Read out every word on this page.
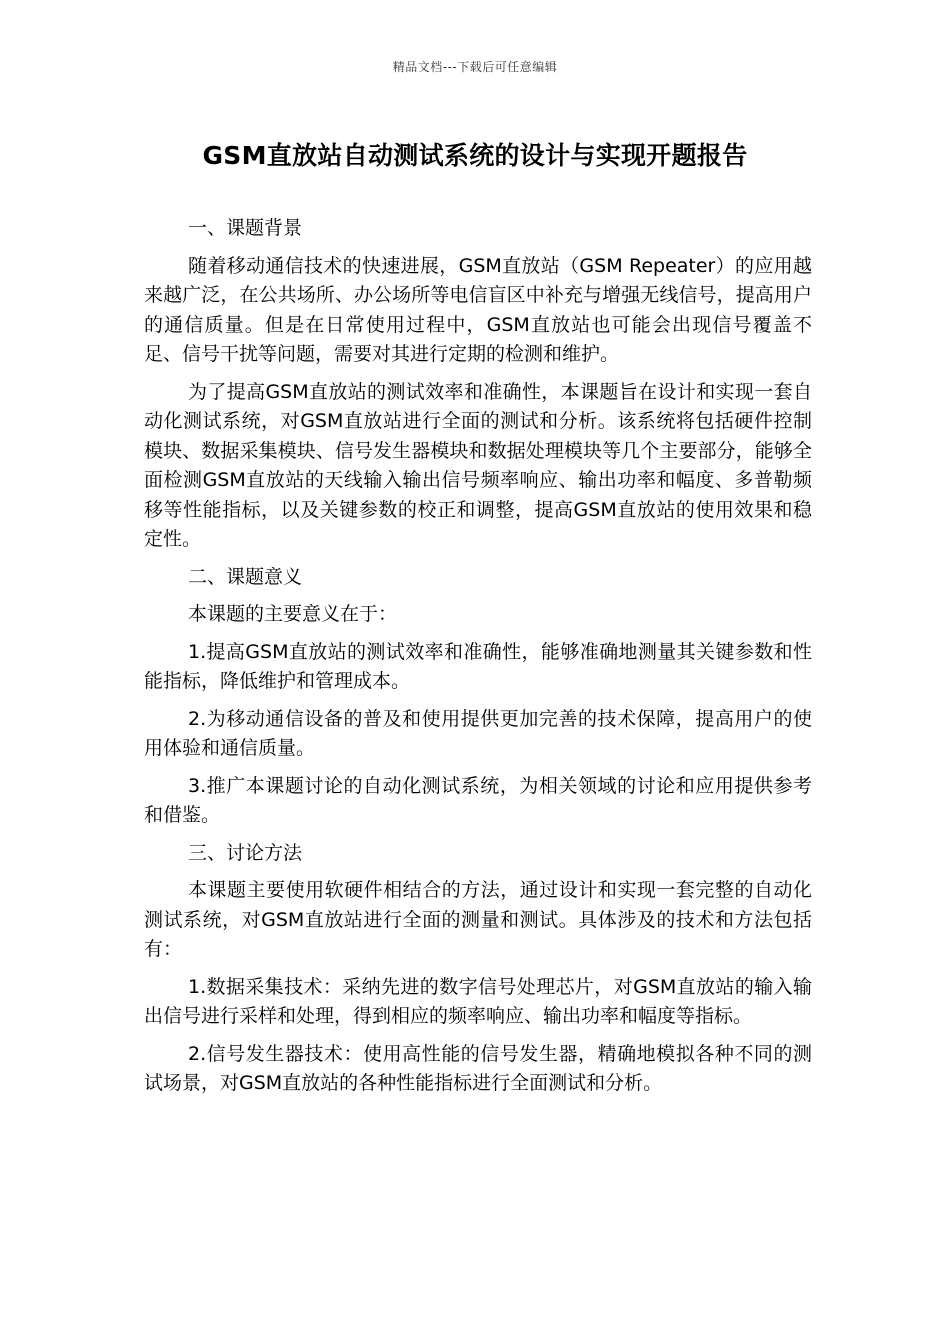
精品文档---下载后可任意编辑
GSM直放站自动测试系统的设计与实现开题报告

一、课题背景

随着移动通信技术的快速进展，GSM直放站（GSM Repeater）的应用越来越广泛，在公共场所、办公场所等电信盲区中补充与增强无线信号，提高用户的通信质量。但是在日常使用过程中，GSM直放站也可能会出现信号覆盖不足、信号干扰等问题，需要对其进行定期的检测和维护。

为了提高GSM直放站的测试效率和准确性，本课题旨在设计和实现一套自动化测试系统，对GSM直放站进行全面的测试和分析。该系统将包括硬件控制模块、数据采集模块、信号发生器模块和数据处理模块等几个主要部分，能够全面检测GSM直放站的天线输入输出信号频率响应、输出功率和幅度、多普勒频移等性能指标，以及关键参数的校正和调整，提高GSM直放站的使用效果和稳定性。

二、课题意义

本课题的主要意义在于：

1.提高GSM直放站的测试效率和准确性，能够准确地测量其关键参数和性能指标，降低维护和管理成本。

2.为移动通信设备的普及和使用提供更加完善的技术保障，提高用户的使用体验和通信质量。

3.推广本课题讨论的自动化测试系统，为相关领域的讨论和应用提供参考和借鉴。

三、讨论方法

本课题主要使用软硬件相结合的方法，通过设计和实现一套完整的自动化测试系统，对GSM直放站进行全面的测量和测试。具体涉及的技术和方法包括有：

1.数据采集技术：采纳先进的数字信号处理芯片，对GSM直放站的输入输出信号进行采样和处理，得到相应的频率响应、输出功率和幅度等指标。

2.信号发生器技术：使用高性能的信号发生器，精确地模拟各种不同的测试场景，对GSM直放站的各种性能指标进行全面测试和分析。
